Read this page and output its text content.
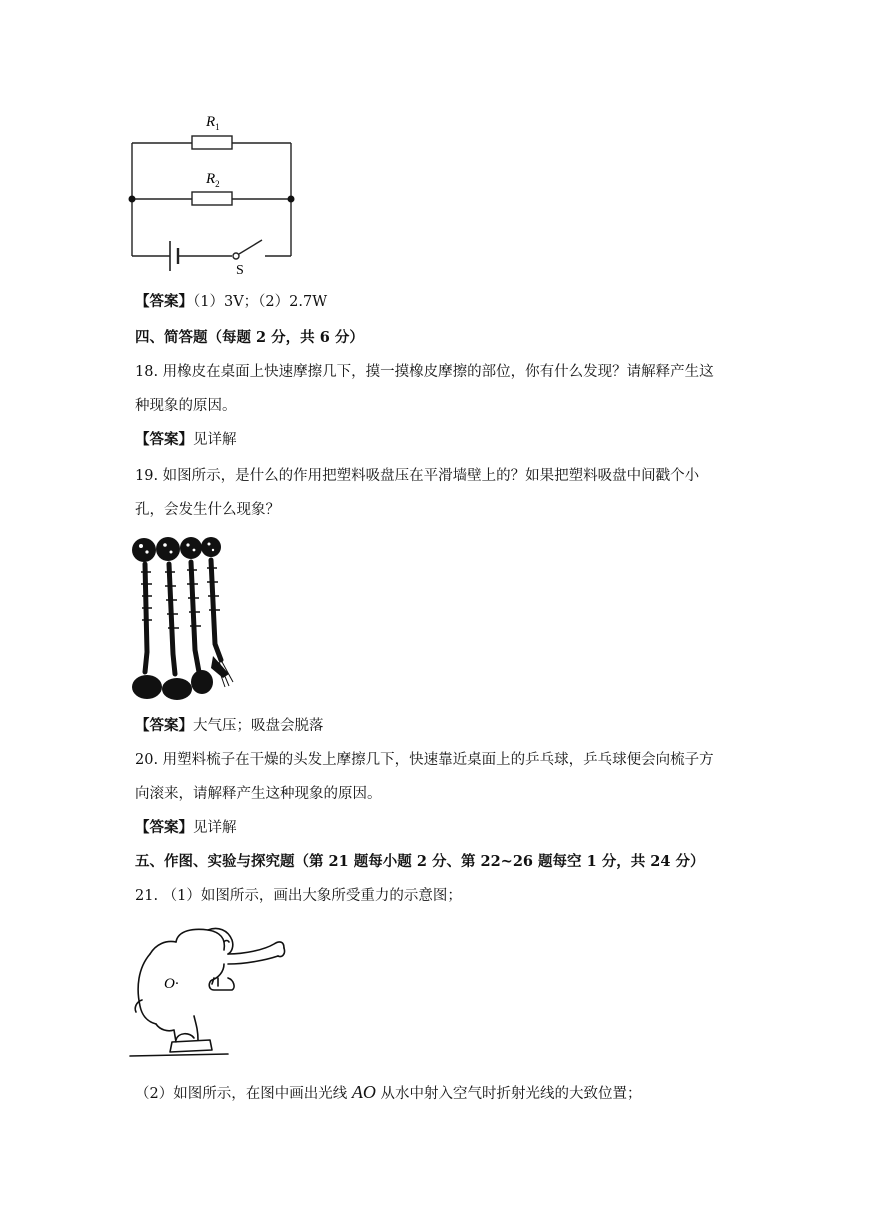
$R_1$
$R_2$
S
【答案】（1）3V；（2）2.7W
四、简答题（每题 2 分，共 6 分）
18. 用橡皮在桌面上快速摩擦几下，摸一摸橡皮摩擦的部位，你有什么发现？请解释产生这
种现象的原因。
【答案】见详解
19. 如图所示，是什么的作用把塑料吸盘压在平滑墙壁上的？如果把塑料吸盘中间戳个小
孔，会发生什么现象？
【答案】大气压；吸盘会脱落
20. 用塑料梳子在干燥的头发上摩擦几下，快速靠近桌面上的乒乓球，乒乓球便会向梳子方
向滚来，请解释产生这种现象的原因。
【答案】见详解
五、作图、实验与探究题（第 21 题每小题 2 分、第 22~26 题每空 1 分，共 24 分）
21. （1）如图所示，画出大象所受重力的示意图；
O·
（2）如图所示，在图中画出光线 AO 从水中射入空气时折射光线的大致位置；
